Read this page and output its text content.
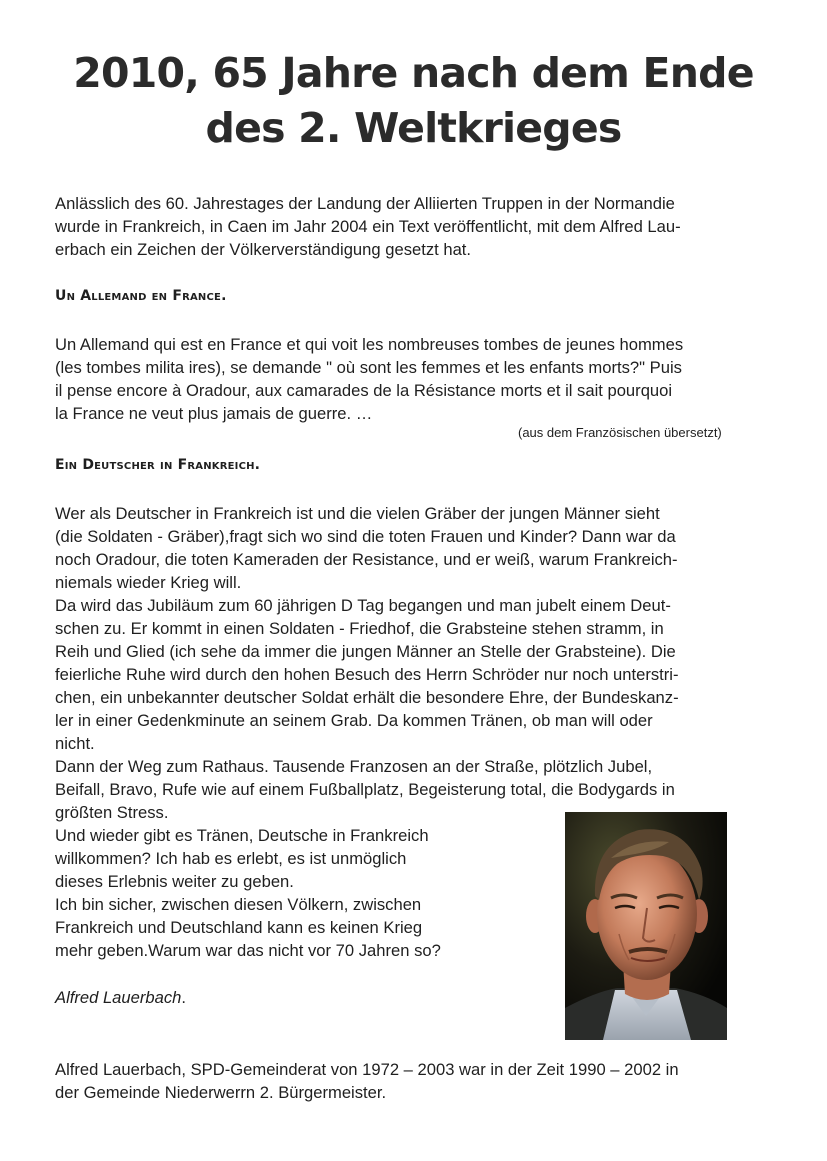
2010, 65 Jahre nach dem Ende
des 2. Weltkrieges

Anlässlich des 60. Jahrestages der Landung der Alliierten Truppen in der Normandie
wurde in Frankreich, in Caen im Jahr 2004 ein Text veröffentlicht, mit dem Alfred Lau-
erbach ein Zeichen der Völkerverständigung gesetzt hat.

Un Allemand en France.

Un Allemand qui est en France et qui voit les nombreuses tombes de jeunes hommes
(les tombes milita ires), se demande " où sont les femmes et les enfants morts?" Puis
il pense encore à Oradour, aux camarades de la Résistance morts et il sait pourquoi
la France ne veut plus jamais de guerre. …

(aus dem Französischen übersetzt)
Ein Deutscher in Frankreich.

Wer als Deutscher in Frankreich ist und die vielen Gräber der jungen Männer sieht
(die Soldaten - Gräber),fragt sich wo sind die toten Frauen und Kinder? Dann war da
noch Oradour, die toten Kameraden der Resistance, und er weiß, warum Frankreich-
niemals wieder Krieg will.
Da wird das Jubiläum zum 60 jährigen D Tag begangen und man jubelt einem Deut-
schen zu. Er kommt in einen Soldaten - Friedhof, die Grabsteine stehen stramm, in
Reih und Glied (ich sehe da immer die jungen Männer an Stelle der Grabsteine). Die
feierliche Ruhe wird durch den hohen Besuch des Herrn Schröder nur noch unterstri-
chen, ein unbekannter deutscher Soldat erhält die besondere Ehre, der Bundeskanz-
ler in einer Gedenkminute an seinem Grab. Da kommen Tränen, ob man will oder
nicht.
Dann der Weg zum Rathaus. Tausende Franzosen an der Straße, plötzlich Jubel,
Beifall, Bravo, Rufe wie auf einem Fußballplatz, Begeisterung total, die Bodygards in
größten Stress.

Und wieder gibt es Tränen, Deutsche in Frankreich
willkommen? Ich hab es erlebt, es ist unmöglich
dieses Erlebnis weiter zu geben.
Ich bin sicher, zwischen diesen Völkern, zwischen
Frankreich und Deutschland kann es keinen Krieg
mehr geben.Warum war das nicht vor 70 Jahren so?

Alfred Lauerbach.

Alfred Lauerbach, SPD-Gemeinderat von 1972 – 2003 war in der Zeit 1990 – 2002 in
der Gemeinde Niederwerrn 2. Bürgermeister.
